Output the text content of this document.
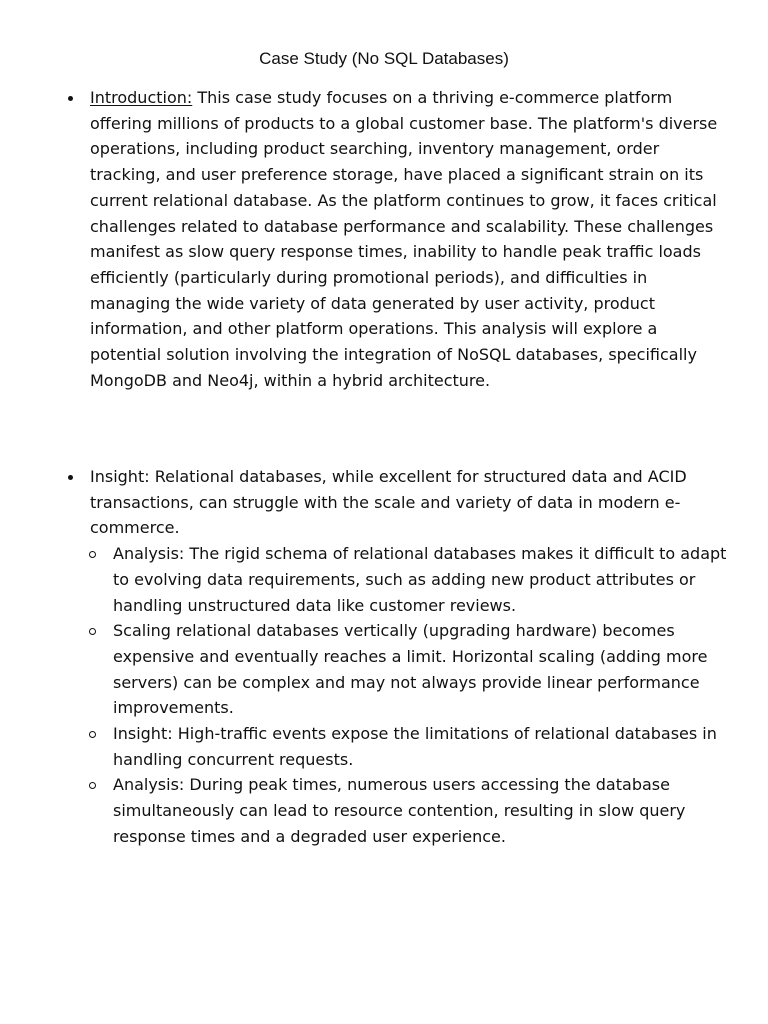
Case Study (No SQL Databases)

Introduction: This case study focuses on a thriving e-commerce platform offering millions of products to a global customer base. The platform's diverse operations, including product searching, inventory management, order tracking, and user preference storage, have placed a significant strain on its current relational database. As the platform continues to grow, it faces critical challenges related to database performance and scalability. These challenges manifest as slow query response times, inability to handle peak traffic loads efficiently (particularly during promotional periods), and difficulties in managing the wide variety of data generated by user activity, product information, and other platform operations. This analysis will explore a potential solution involving the integration of NoSQL databases, specifically MongoDB and Neo4j, within a hybrid architecture.

Insight: Relational databases, while excellent for structured data and ACID transactions, can struggle with the scale and variety of data in modern e-commerce.

Analysis: The rigid schema of relational databases makes it difficult to adapt to evolving data requirements, such as adding new product attributes or handling unstructured data like customer reviews.
Scaling relational databases vertically (upgrading hardware) becomes expensive and eventually reaches a limit. Horizontal scaling (adding more servers) can be complex and may not always provide linear performance improvements.
Insight: High-traffic events expose the limitations of relational databases in handling concurrent requests.
Analysis: During peak times, numerous users accessing the database simultaneously can lead to resource contention, resulting in slow query response times and a degraded user experience.
